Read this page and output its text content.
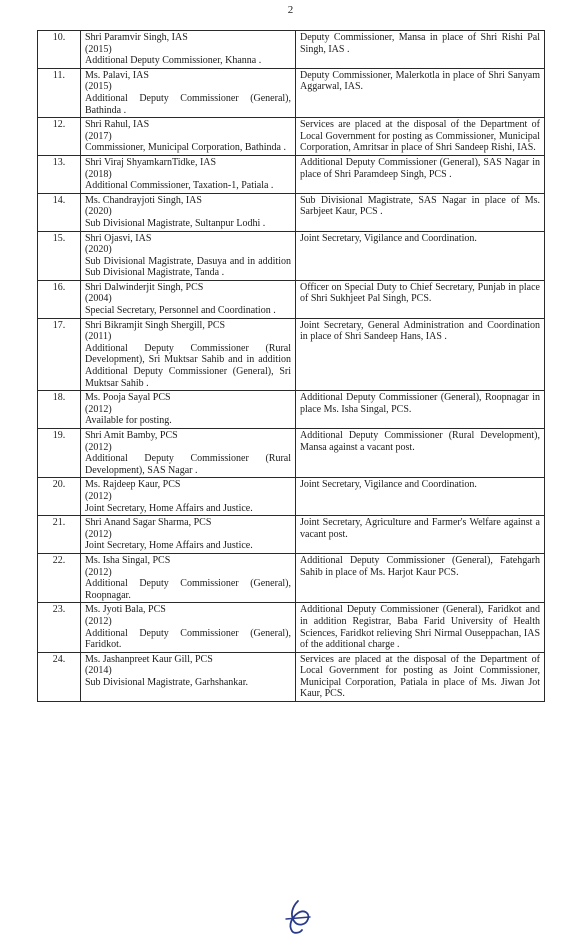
2
10.	Shri Paramvir Singh, IAS
(2015)
Additional Deputy Commissioner, Khanna .	Deputy Commissioner, Mansa in place of Shri Rishi Pal Singh, IAS .
11.	Ms. Palavi, IAS
(2015)
Additional Deputy Commissioner (General), Bathinda .	Deputy Commissioner, Malerkotla in place of Shri Sanyam Aggarwal, IAS.
12.	Shri Rahul, IAS
(2017)
Commissioner, Municipal Corporation, Bathinda .	Services are placed at the disposal of the Department of Local Government for posting as Commissioner, Municipal Corporation, Amritsar in place of Shri Sandeep Rishi, IAS.
13.	Shri Viraj ShyamkarnTidke, IAS
(2018)
Additional Commissioner, Taxation-1, Patiala .	Additional Deputy Commissioner (General), SAS Nagar in place of Shri Paramdeep Singh, PCS .
14.	Ms. Chandrayjoti Singh, IAS
(2020)
Sub Divisional Magistrate, Sultanpur Lodhi .	Sub Divisional Magistrate, SAS Nagar in place of Ms. Sarbjeet Kaur, PCS .
15.	Shri Ojasvi, IAS
(2020)
Sub Divisional Magistrate, Dasuya and in addition Sub Divisional Magistrate, Tanda .	Joint Secretary, Vigilance and Coordination.
16.	Shri Dalwinderjit Singh, PCS
(2004)
Special Secretary, Personnel and Coordination .	Officer on Special Duty to Chief Secretary, Punjab in place of Shri Sukhjeet Pal Singh, PCS.
17.	Shri Bikramjit Singh Shergill, PCS
(2011)
Additional Deputy Commissioner (Rural Development), Sri Muktsar Sahib and in addition Additional Deputy Commissioner (General), Sri Muktsar Sahib .	Joint Secretary, General Administration and Coordination in place of Shri Sandeep Hans, IAS .
18.	Ms. Pooja Sayal PCS
(2012)
Available for posting.	Additional Deputy Commissioner (General), Roopnagar in place Ms. Isha Singal, PCS.
19.	Shri Amit Bamby, PCS
(2012)
Additional Deputy Commissioner (Rural Development), SAS Nagar .	Additional Deputy Commissioner (Rural Development), Mansa against a vacant post.
20.	Ms. Rajdeep Kaur, PCS
(2012)
Joint Secretary, Home Affairs and Justice.	Joint Secretary, Vigilance and Coordination.
21.	Shri Anand Sagar Sharma, PCS
(2012)
Joint Secretary, Home Affairs and Justice.	Joint Secretary, Agriculture and Farmer's Welfare against a vacant post.
22.	Ms. Isha Singal, PCS
(2012)
Additional Deputy Commissioner (General), Roopnagar.	Additional Deputy Commissioner (General), Fatehgarh Sahib in place of Ms. Harjot Kaur PCS.
23.	Ms. Jyoti Bala, PCS
(2012)
Additional Deputy Commissioner (General), Faridkot.	Additional Deputy Commissioner (General), Faridkot and in addition Registrar, Baba Farid University of Health Sciences, Faridkot relieving Shri Nirmal Ouseppachan, IAS of the additional charge .
24.	Ms. Jashanpreet Kaur Gill, PCS
(2014)
Sub Divisional Magistrate, Garhshankar.	Services are placed at the disposal of the Department of Local Government for posting as Joint Commissioner, Municipal Corporation, Patiala in place of Ms. Jiwan Jot Kaur, PCS.
